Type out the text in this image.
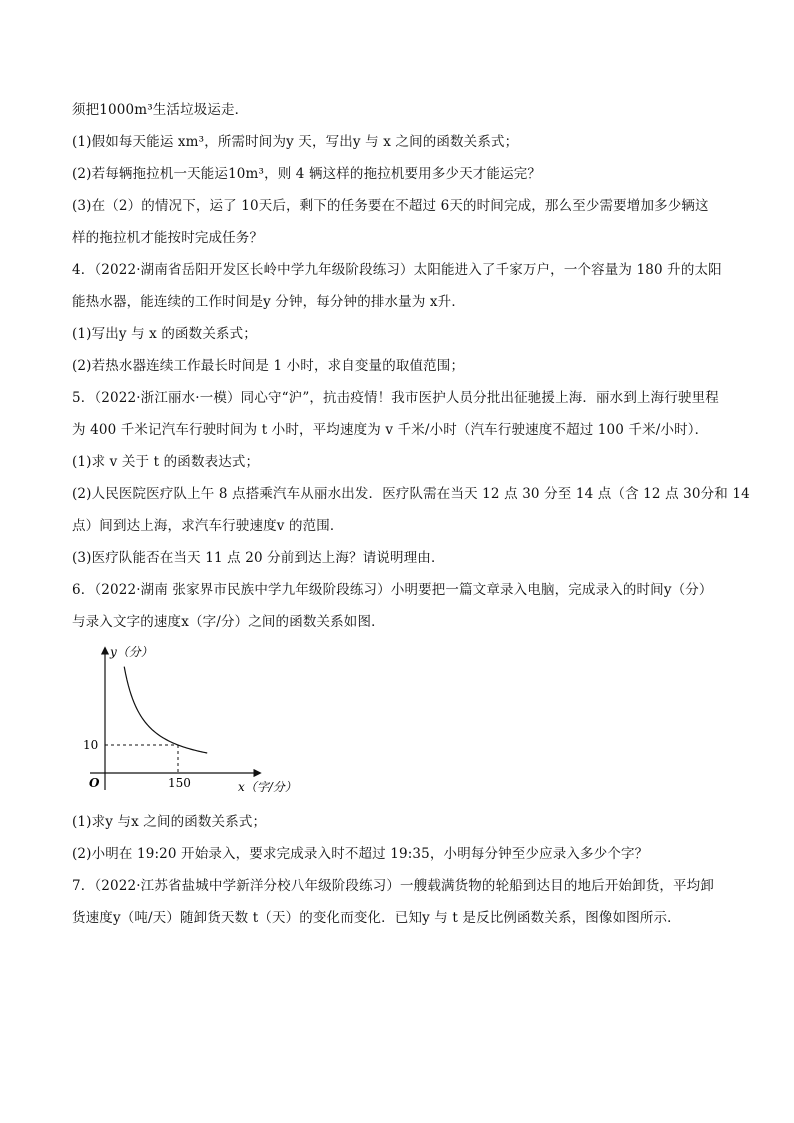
须把1000m³生活垃圾运走．
(1)假如每天能运 xm³，所需时间为y 天，写出y 与 x 之间的函数关系式；
(2)若每辆拖拉机一天能运10m³，则 4 辆这样的拖拉机要用多少天才能运完？
(3)在（2）的情况下，运了 10天后，剩下的任务要在不超过 6天的时间完成，那么至少需要增加多少辆这
样的拖拉机才能按时完成任务？
4．（2022·湖南省岳阳开发区长岭中学九年级阶段练习）太阳能进入了千家万户，一个容量为 180 升的太阳
能热水器，能连续的工作时间是y 分钟，每分钟的排水量为 x升．
(1)写出y 与 x 的函数关系式；
(2)若热水器连续工作最长时间是 1 小时，求自变量的取值范围；
5．（2022·浙江丽水·一模）同心守“沪”，抗击疫情！我市医护人员分批出征驰援上海．丽水到上海行驶里程
为 400 千米记汽车行驶时间为 t 小时，平均速度为 v 千米/小时（汽车行驶速度不超过 100 千米/小时）．
(1)求 v 关于 t 的函数表达式；
(2)人民医院医疗队上午 8 点搭乘汽车从丽水出发．医疗队需在当天 12 点 30 分至 14 点（含 12 点 30分和 14
点）间到达上海，求汽车行驶速度v 的范围．
(3)医疗队能否在当天 11 点 20 分前到达上海？请说明理由．
6．（2022·湖南 张家界市民族中学九年级阶段练习）小明要把一篇文章录入电脑，完成录入的时间y（分）
与录入文字的速度x（字/分）之间的函数关系如图．
y（分）
x（字/分）
O
10
150
(1)求y 与x 之间的函数关系式；
(2)小明在 19:20 开始录入，要求完成录入时不超过 19:35，小明每分钟至少应录入多少个字？
7．（2022·江苏省盐城中学新洋分校八年级阶段练习）一艘载满货物的轮船到达目的地后开始卸货，平均卸
货速度y（吨/天）随卸货天数 t（天）的变化而变化．已知y 与 t 是反比例函数关系，图像如图所示．
